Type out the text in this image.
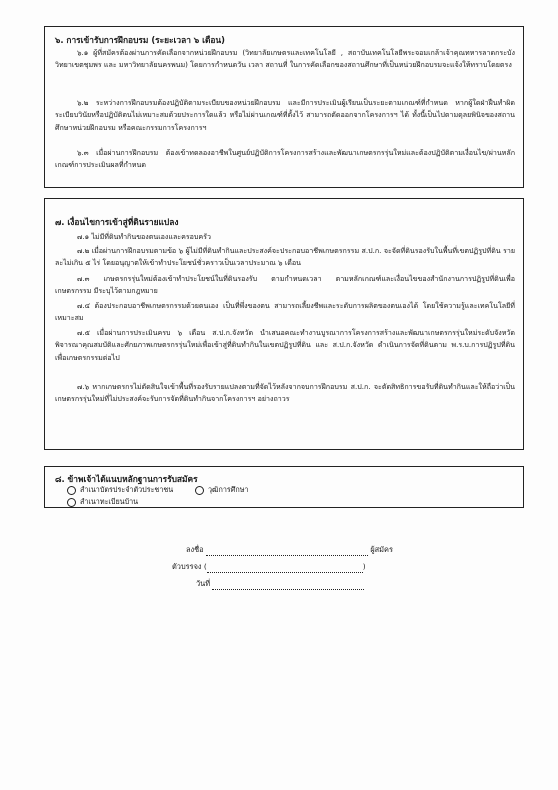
๖. การเข้ารับการฝึกอบรม (ระยะเวลา ๖ เดือน)
๖.๑ ผู้ที่สมัครต้องผ่านการคัดเลือกจากหน่วยฝึกอบรม (วิทยาลัยเกษตรและเทคโนโลยี , สถาบันเทคโนโลยีพระจอมเกล้าเจ้าคุณทหารลาดกระบัง วิทยาเขตชุมพร และ มหาวิทยาลัยนครพนม) โดยการกำหนดวัน เวลา สถานที่ ในการคัดเลือกของสถานศึกษาที่เป็นหน่วยฝึกอบรมจะแจ้งให้ทราบโดยตรง
๖.๒ ระหว่างการฝึกอบรมต้องปฏิบัติตามระเบียบของหน่วยฝึกอบรม และมีการประเมินผู้เรียนเป็นระยะตามเกณฑ์ที่กำหนด หากผู้ใดฝ่าฝืนทำผิดระเบียบวินัยหรือปฏิบัติตนไม่เหมาะสมด้วยประการใดแล้ว หรือไม่ผ่านเกณฑ์ที่ตั้งไว้ สามารถตัดออกจากโครงการฯ ได้ ทั้งนี้เป็นไปตามดุลยพินิจของสถานศึกษาหน่วยฝึกอบรม หรือคณะกรรมการโครงการฯ
๖.๓ เมื่อผ่านการฝึกอบรม ต้องเข้าทดลองอาชีพในศูนย์ปฏิบัติการโครงการสร้างและพัฒนาเกษตรกรรุ่นใหม่และต้องปฏิบัติตามเงื่อนไข/ผ่านหลักเกณฑ์การประเมินผลที่กำหนด
๗. เงื่อนไขการเข้าสู่ที่ดินรายแปลง
๗.๑ ไม่มีที่ดินทำกินของตนเองและครอบครัว
๗.๒ เมื่อผ่านการฝึกอบรมตามข้อ ๖ ผู้ไม่มีที่ดินทำกินและประสงค์จะประกอบอาชีพเกษตรกรรม ส.ป.ก. จะจัดที่ดินรองรับในพื้นที่เขตปฏิรูปที่ดิน รายละไม่เกิน ๕ ไร่ โดยอนุญาตให้เข้าทำประโยชน์ชั่วคราวเป็นเวลาประมาณ ๖ เดือน
๗.๓ เกษตรกรรุ่นใหม่ต้องเข้าทำประโยชน์ในที่ดินรองรับ ตามกำหนดเวลา ตามหลักเกณฑ์และเงื่อนไขของสำนักงานการปฏิรูปที่ดินเพื่อเกษตรกรรม มีระบุไว้ตามกฎหมาย
๗.๔ ต้องประกอบอาชีพเกษตรกรรมด้วยตนเอง เป็นที่พึ่งของตน สามารถเลี้ยงชีพและระดับการผลิตของตนเองได้ โดยใช้ความรู้และเทคโนโลยีที่เหมาะสม
๗.๕ เมื่อผ่านการประเมินครบ ๖ เดือน ส.ป.ก.จังหวัด นำเสนอคณะทำงานบูรณาการโครงการสร้างและพัฒนาเกษตรกรรุ่นใหม่ระดับจังหวัด พิจารณาคุณสมบัติและศักยภาพเกษตรกรรุ่นใหม่เพื่อเข้าสู่ที่ดินทำกินในเขตปฏิรูปที่ดิน และ ส.ป.ก.จังหวัด ดำเนินการจัดที่ดินตาม พ.ร.บ.การปฏิรูปที่ดินเพื่อเกษตรกรรมต่อไป
๗.๖ หากเกษตรกรไม่ตัดสินใจเข้าพื้นที่รองรับรายแปลงตามที่จัดไว้หลังจากจบการฝึกอบรม ส.ป.ก. จะตัดสิทธิการขอรับที่ดินทำกินและให้ถือว่าเป็นเกษตรกรรุ่นใหม่ที่ไม่ประสงค์จะรับการจัดที่ดินทำกินจากโครงการฯ อย่างถาวร
๘. ข้าพเจ้าได้แนบหลักฐานการรับสมัคร
สำเนาบัตรประจำตัวประชาชน	วุฒิการศึกษา
สำเนาทะเบียนบ้าน
ลงชื่อ	ผู้สมัคร
ตัวบรรจง (	)
วันที่
